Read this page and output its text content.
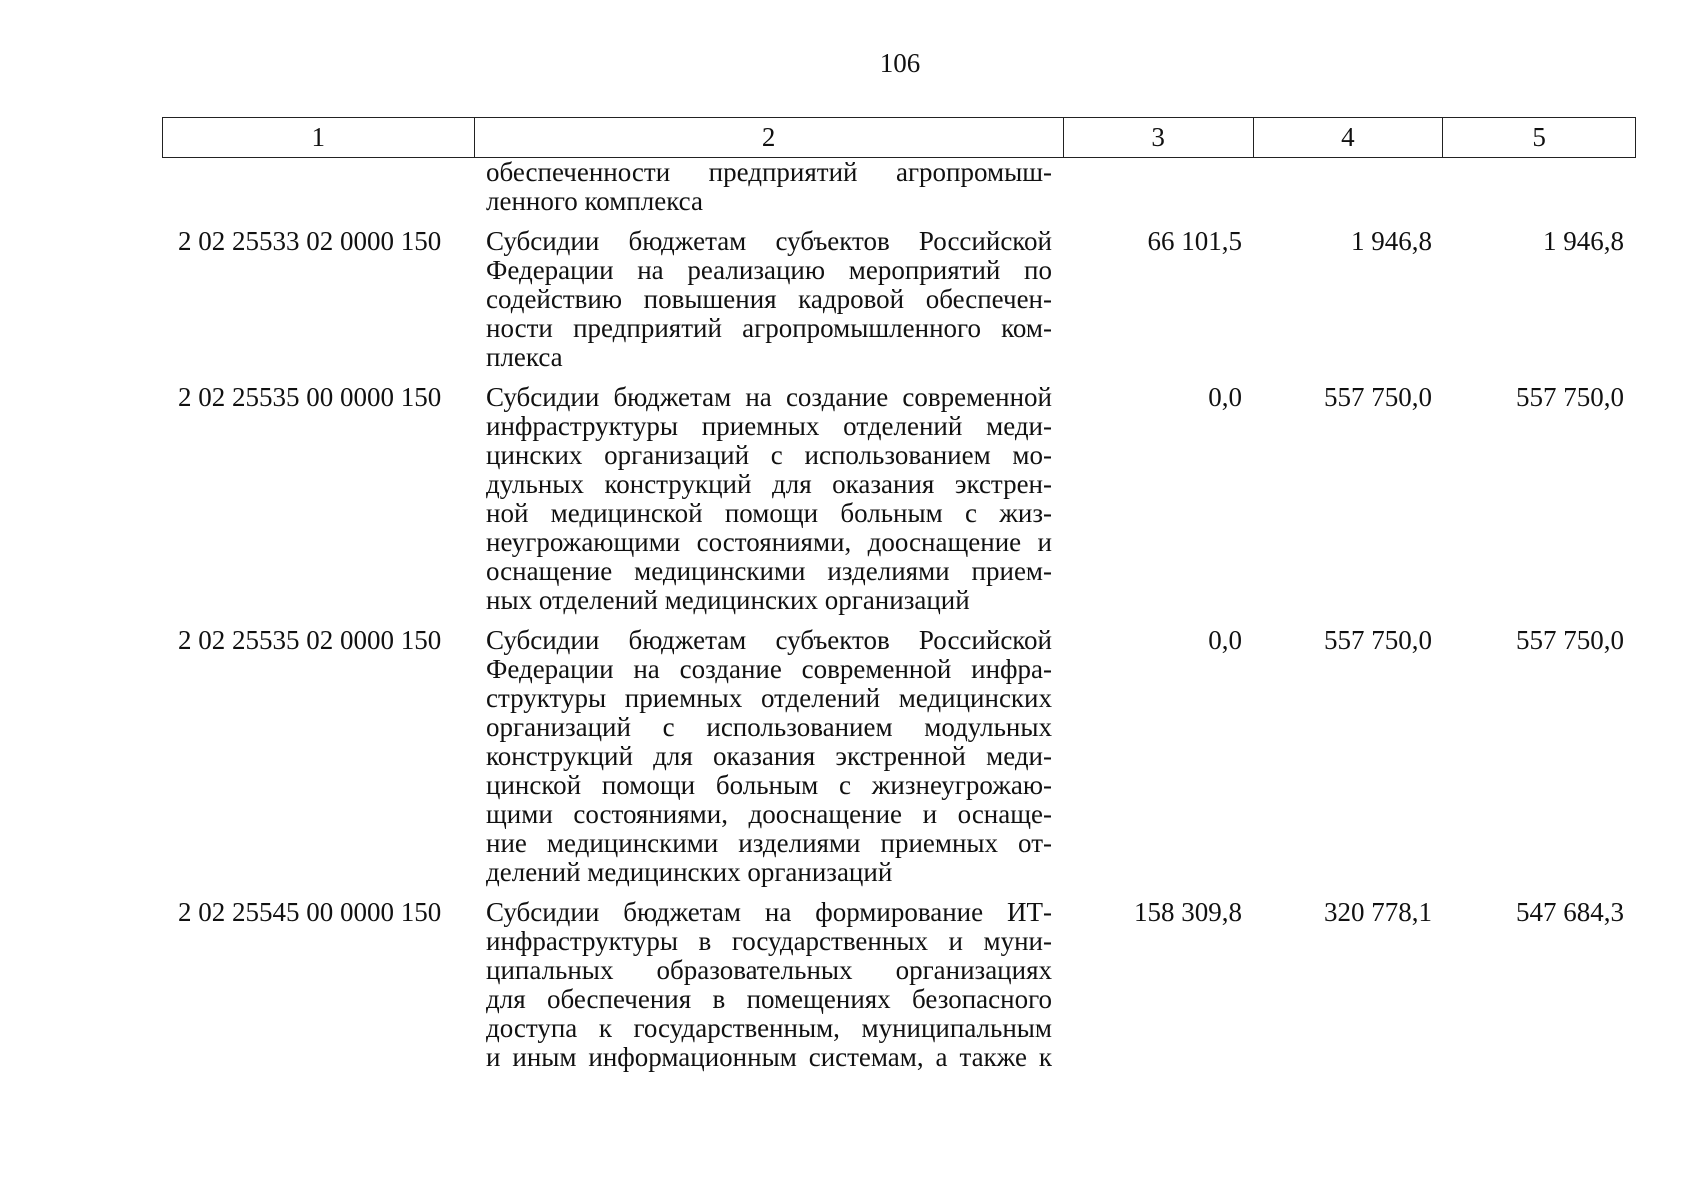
106
1	2	3	4	5
обеспеченности предприятий агропромыш-
ленного комплекса
2 02 25533 02 0000 150	Субсидии бюджетам субъектов Российской
Федерации на реализацию мероприятий по
содействию повышения кадровой обеспечен-
ности предприятий агропромышленного ком-
плекса
66 101,5	1 946,8	1 946,8
2 02 25535 00 0000 150	Субсидии бюджетам на создание современной
инфраструктуры приемных отделений меди-
цинских организаций с использованием мо-
дульных конструкций для оказания экстрен-
ной медицинской помощи больным с жиз-
неугрожающими состояниями, дооснащение и
оснащение медицинскими изделиями прием-
ных отделений медицинских организаций
0,0	557 750,0	557 750,0
2 02 25535 02 0000 150	Субсидии бюджетам субъектов Российской
Федерации на создание современной инфра-
структуры приемных отделений медицинских
организаций с использованием модульных
конструкций для оказания экстренной меди-
цинской помощи больным с жизнеугрожаю-
щими состояниями, дооснащение и оснаще-
ние медицинскими изделиями приемных от-
делений медицинских организаций
0,0	557 750,0	557 750,0
2 02 25545 00 0000 150	Субсидии бюджетам на формирование ИТ-
инфраструктуры в государственных и муни-
ципальных образовательных организациях
для обеспечения в помещениях безопасного
доступа к государственным, муниципальным
и иным информационным системам, а также к
158 309,8	320 778,1	547 684,3
